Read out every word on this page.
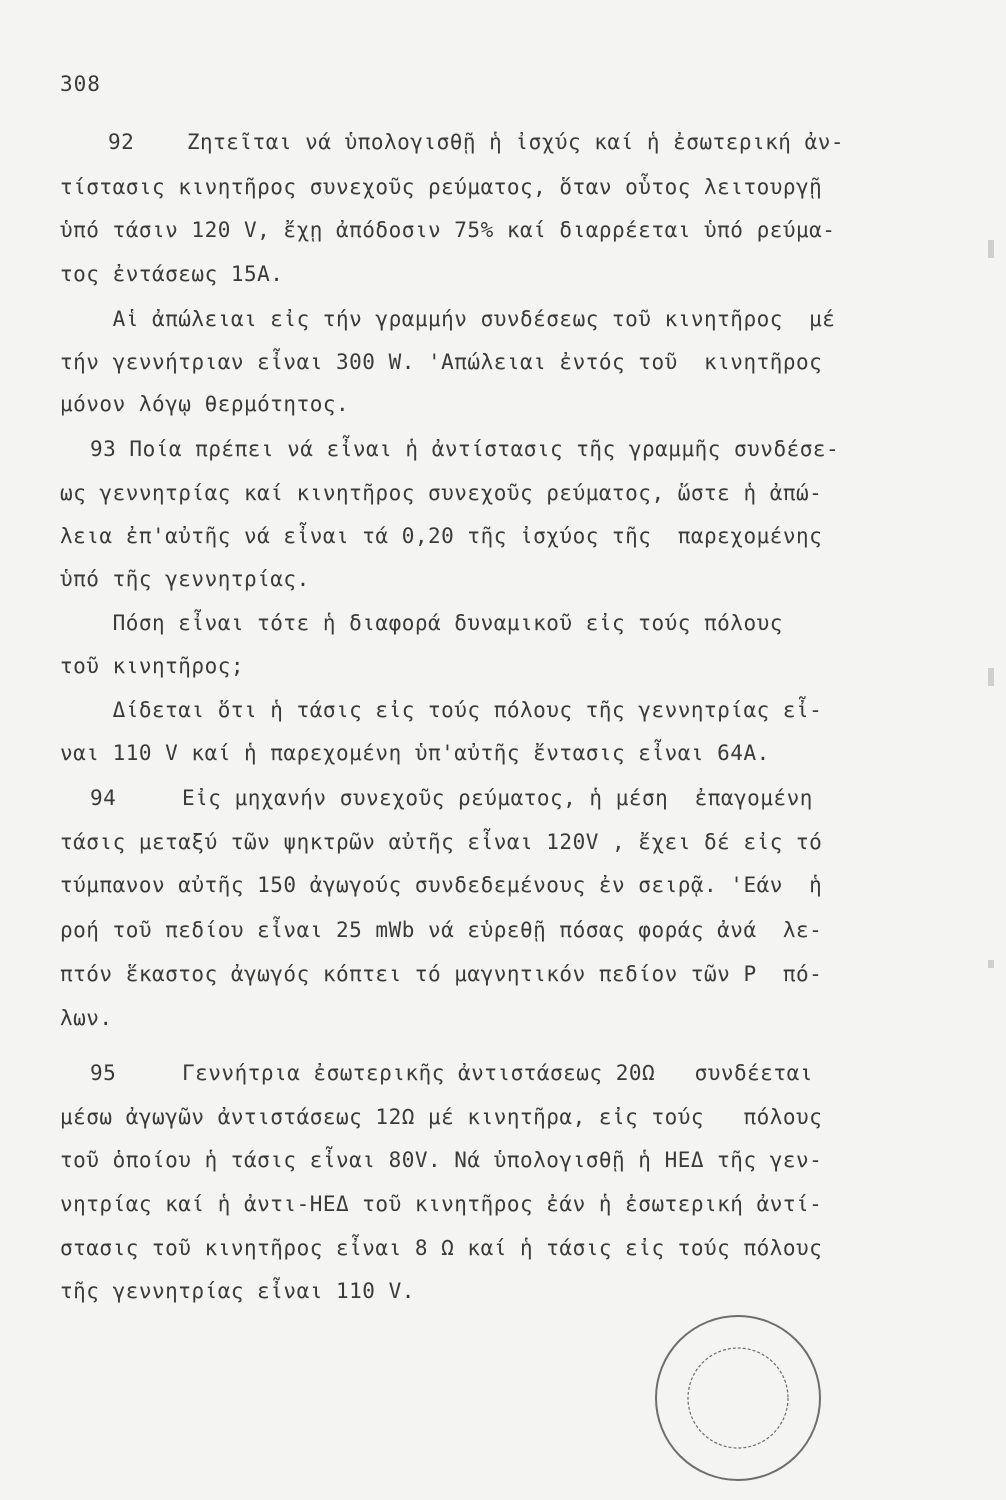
308
92    Ζητεῖται νά ὑπολογισθῇ ἡ ἰσχύς καί ἡ ἐσωτερική ἀν-
τίστασις κινητῆρος συνεχοῦς ρεύματος, ὅταν οὗτος λειτουργῇ
ὑπό τάσιν 120 V, ἔχῃ ἀπόδοσιν 75% καί διαρρέεται ὑπό ρεύμα-
τος ἐντάσεως 15A.
Αἱ ἀπώλειαι εἰς τήν γραμμήν συνδέσεως τοῦ κινητῆρος  μέ
τήν γεννήτριαν εἶναι 300 W. 'Απώλειαι ἐντός τοῦ  κινητῆρος
μόνον λόγῳ θερμότητος.
93 Ποία πρέπει νά εἶναι ἡ ἀντίστασις τῆς γραμμῆς συνδέσε-
ως γεννητρίας καί κινητῆρος συνεχοῦς ρεύματος, ὥστε ἡ ἀπώ-
λεια ἐπ'αὐτῆς νά εἶναι τά 0,20 τῆς ἰσχύος τῆς  παρεχομένης
ὑπό τῆς γεννητρίας.
Πόση εἶναι τότε ἡ διαφορά δυναμικοῦ εἰς τούς πόλους
τοῦ κινητῆρος;
Δίδεται ὅτι ἡ τάσις εἰς τούς πόλους τῆς γεννητρίας εἶ-
ναι 110 V καί ἡ παρεχομένη ὑπ'αὐτῆς ἔντασις εἶναι 64A.
94     Εἰς μηχανήν συνεχοῦς ρεύματος, ἡ μέση  ἐπαγομένη
τάσις μεταξύ τῶν ψηκτρῶν αὐτῆς εἶναι 120V , ἔχει δέ εἰς τό
τύμπανον αὐτῆς 150 ἀγωγούς συνδεδεμένους ἐν σειρᾷ. 'Εάν  ἡ
ροή τοῦ πεδίου εἶναι 25 mWb νά εὑρεθῇ πόσας φοράς ἀνά  λε-
πτόν ἕκαστος ἀγωγός κόπτει τό μαγνητικόν πεδίον τῶν P  πό-
λων.
95     Γεννήτρια ἐσωτερικῆς ἀντιστάσεως 20Ω   συνδέεται
μέσω ἀγωγῶν ἀντιστάσεως 12Ω μέ κινητῆρα, εἰς τούς   πόλους
τοῦ ὁποίου ἡ τάσις εἶναι 80V. Νά ὑπολογισθῇ ἡ ΗΕΔ τῆς γεν-
νητρίας καί ἡ ἀντι-ΗΕΔ τοῦ κινητῆρος ἐάν ἡ ἐσωτερική ἀντί-
στασις τοῦ κινητῆρος εἶναι 8 Ω καί ἡ τάσις εἰς τούς πόλους
τῆς γεννητρίας εἶναι 110 V.
